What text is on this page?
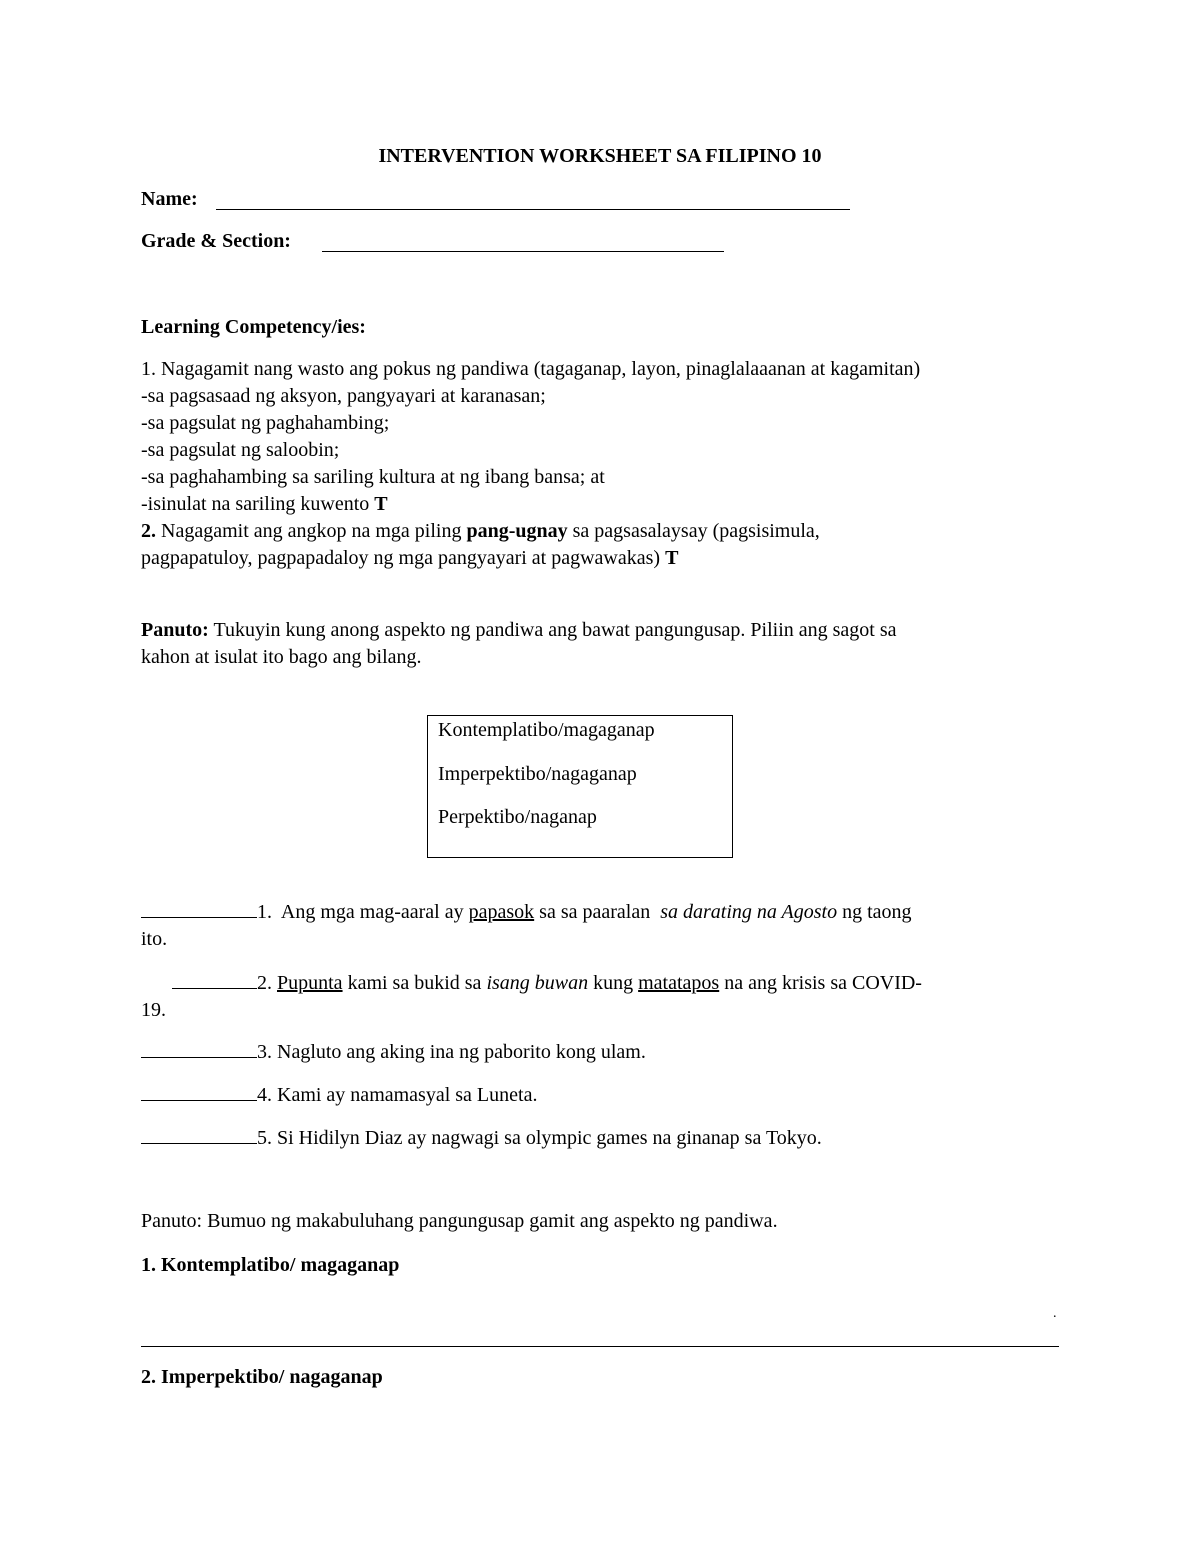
INTERVENTION WORKSHEET SA FILIPINO 10
Name:
Grade & Section:
Learning Competency/ies:
1. Nagagamit nang wasto ang pokus ng pandiwa (tagaganap, layon, pinaglalaaanan at kagamitan)
-sa pagsasaad ng aksyon, pangyayari at karanasan;
-sa pagsulat ng paghahambing;
-sa pagsulat ng saloobin;
-sa paghahambing sa sariling kultura at ng ibang bansa; at
-isinulat na sariling kuwento T
2. Nagagamit ang angkop na mga piling pang-ugnay sa pagsasalaysay (pagsisimula,
pagpapatuloy, pagpapadaloy ng mga pangyayari at pagwawakas) T
Panuto: Tukuyin kung anong aspekto ng pandiwa ang bawat pangungusap. Piliin ang sagot sa
kahon at isulat ito bago ang bilang.
Kontemplatibo/magaganap
Imperpektibo/nagaganap
Perpektibo/naganap
1. Ang mga mag-aaral ay papasok sa sa paaralan sa darating na Agosto ng taong
ito.
2. Pupunta kami sa bukid sa isang buwan kung matatapos na ang krisis sa COVID-
19.
3. Nagluto ang aking ina ng paborito kong ulam.
4. Kami ay namamasyal sa Luneta.
5. Si Hidilyn Diaz ay nagwagi sa olympic games na ginanap sa Tokyo.
Panuto: Bumuo ng makabuluhang pangungusap gamit ang aspekto ng pandiwa.
1. Kontemplatibo/ magaganap
.
2. Imperpektibo/ nagaganap
